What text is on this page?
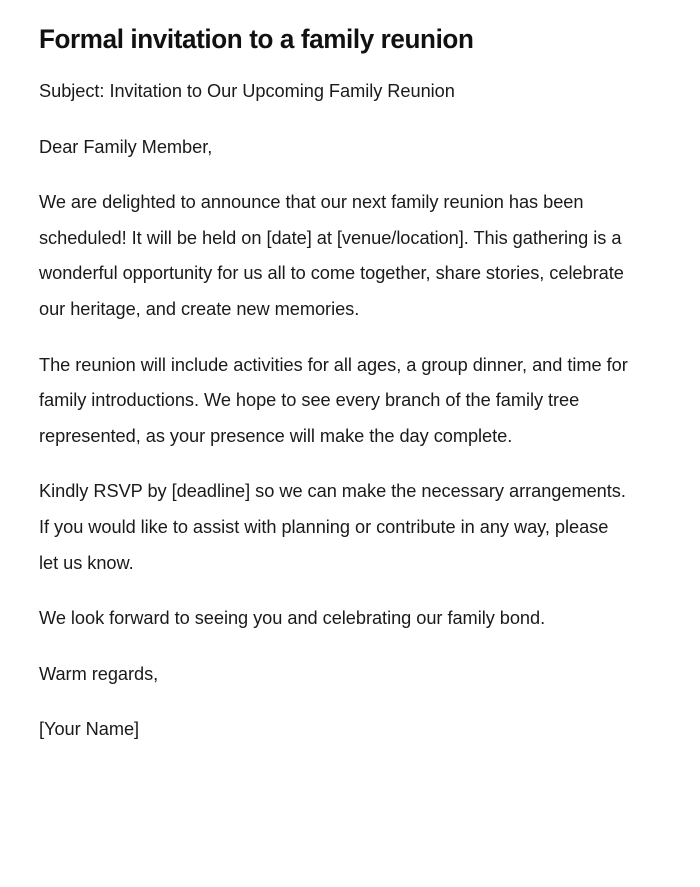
Formal invitation to a family reunion

Subject: Invitation to Our Upcoming Family Reunion

Dear Family Member,

We are delighted to announce that our next family reunion has been scheduled! It will be held on [date] at [venue/location]. This gathering is a wonderful opportunity for us all to come together, share stories, celebrate our heritage, and create new memories.

The reunion will include activities for all ages, a group dinner, and time for family introductions. We hope to see every branch of the family tree represented, as your presence will make the day complete.

Kindly RSVP by [deadline] so we can make the necessary arrangements. If you would like to assist with planning or contribute in any way, please let us know.

We look forward to seeing you and celebrating our family bond.

Warm regards,

[Your Name]
